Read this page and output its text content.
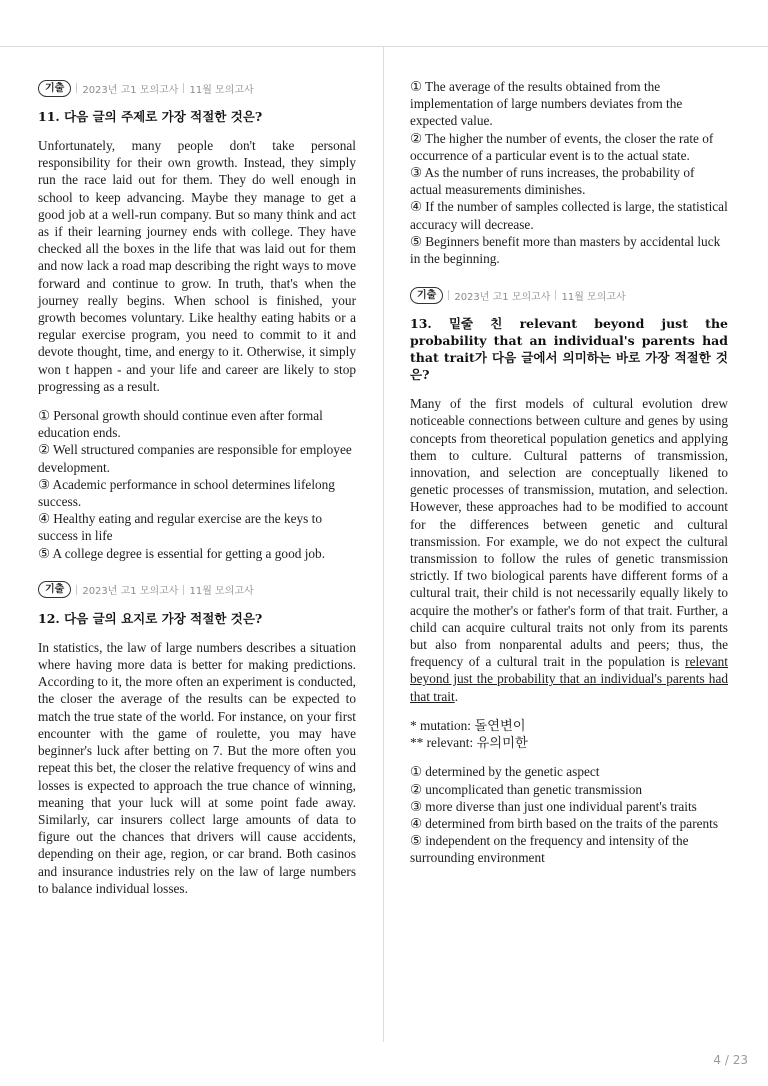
기출	2023년 고1 모의고사 11월 모의고사

11. 다음 글의 주제로 가장 적절한 것은?

Unfortunately, many people don't take personal responsibility for their own growth. Instead, they simply run the race laid out for them. They do well enough in school to keep advancing. Maybe they manage to get a good job at a well-run company. But so many think and act as if their learning journey ends with college. They have checked all the boxes in the life that was laid out for them and now lack a road map describing the right ways to move forward and continue to grow. In truth, that's when the journey really begins. When school is finished, your growth becomes voluntary. Like healthy eating habits or a regular exercise program, you need to commit to it and devote thought, time, and energy to it. Otherwise, it simply won t happen - and your life and career are likely to stop progressing as a result.

① Personal growth should continue even after formal education ends.
② Well structured companies are responsible for employee development.
③ Academic performance in school determines lifelong success.
④ Healthy eating and regular exercise are the keys to success in life
⑤ A college degree is essential for getting a good job.
기출	2023년 고1 모의고사 11월 모의고사

12. 다음 글의 요지로 가장 적절한 것은?

In statistics, the law of large numbers describes a situation where having more data is better for making predictions. According to it, the more often an experiment is conducted, the closer the average of the results can be expected to match the true state of the world. For instance, on your first encounter with the game of roulette, you may have beginner's luck after betting on 7. But the more often you repeat this bet, the closer the relative frequency of wins and losses is expected to approach the true chance of winning, meaning that your luck will at some point fade away. Similarly, car insurers collect large amounts of data to figure out the chances that drivers will cause accidents, depending on their age, region, or car brand. Both casinos and insurance industries rely on the law of large numbers to balance individual losses.

① The average of the results obtained from the implementation of large numbers deviates from the expected value.
② The higher the number of events, the closer the rate of occurrence of a particular event is to the actual state.
③ As the number of runs increases, the probability of actual measurements diminishes.
④ If the number of samples collected is large, the statistical accuracy will decrease.
⑤ Beginners benefit more than masters by accidental luck in the beginning.
기출	2023년 고1 모의고사 11월 모의고사

13. 밑줄 친 relevant beyond just the probability that an individual's parents had that trait가 다음 글에서 의미하는 바로 가장 적절한 것은?

Many of the first models of cultural evolution drew noticeable connections between culture and genes by using concepts from theoretical population genetics and applying them to culture. Cultural patterns of transmission, innovation, and selection are conceptually likened to genetic processes of transmission, mutation, and selection. However, these approaches had to be modified to account for the differences between genetic and cultural transmission. For example, we do not expect the cultural transmission to follow the rules of genetic transmission strictly. If two biological parents have different forms of a cultural trait, their child is not necessarily equally likely to acquire the mother's or father's form of that trait. Further, a child can acquire cultural traits not only from its parents but also from nonparental adults and peers; thus, the frequency of a cultural trait in the population is relevant beyond just the probability that an individual's parents had that trait.

* mutation: 돌연변이
** relevant: 유의미한
① determined by the genetic aspect
② uncomplicated than genetic transmission
③ more diverse than just one individual parent's traits
④ determined from birth based on the traits of the parents
⑤ independent on the frequency and intensity of the surrounding environment
4 / 23
